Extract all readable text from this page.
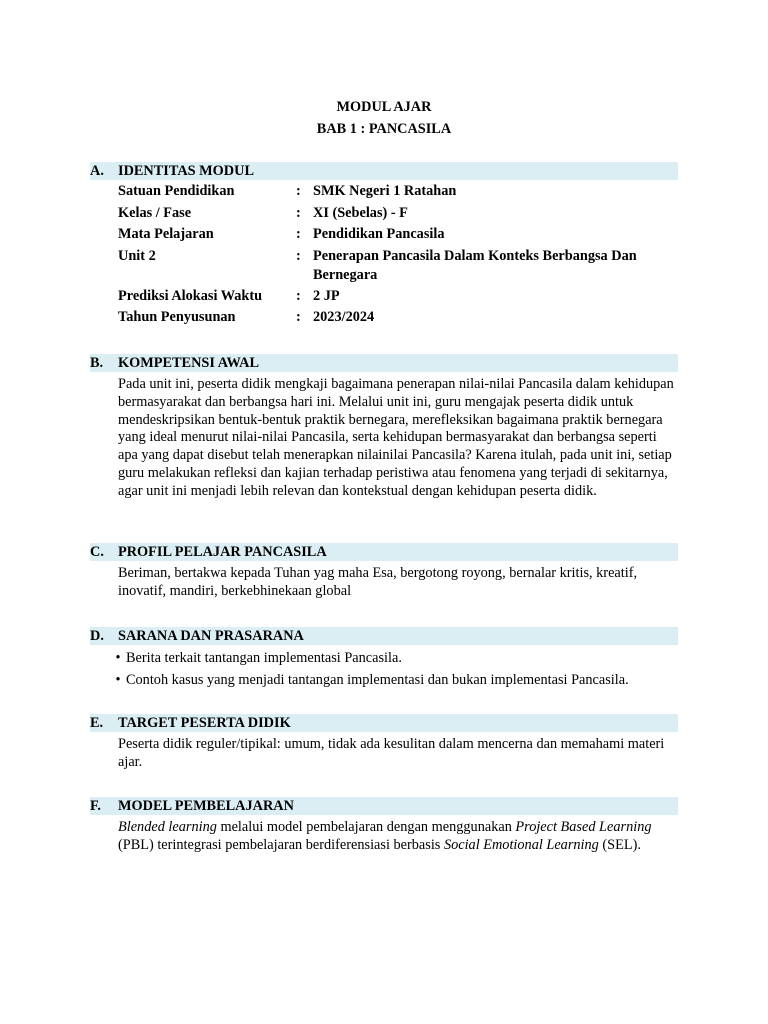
MODUL AJAR
BAB 1 : PANCASILA
A. IDENTITAS MODUL
Satuan Pendidikan	: SMK Negeri 1 Ratahan
Kelas / Fase	: XI (Sebelas) - F
Mata Pelajaran	: Pendidikan Pancasila
Unit 2	: Penerapan Pancasila Dalam Konteks Berbangsa Dan Bernegara
Prediksi Alokasi Waktu	: 2 JP
Tahun Penyusunan	: 2023/2024
B.	KOMPETENSI AWAL
Pada unit ini, peserta didik mengkaji bagaimana penerapan nilai-nilai Pancasila dalam kehidupan bermasyarakat dan berbangsa hari ini. Melalui unit ini, guru mengajak peserta didik untuk mendeskripsikan bentuk-bentuk praktik bernegara, merefleksikan bagaimana praktik bernegara yang ideal menurut nilai-nilai Pancasila, serta kehidupan bermasyarakat dan berbangsa seperti apa yang dapat disebut telah menerapkan nilainilai Pancasila? Karena itulah, pada unit ini, setiap guru melakukan refleksi dan kajian terhadap peristiwa atau fenomena yang terjadi di sekitarnya, agar unit ini menjadi lebih relevan dan kontekstual dengan kehidupan peserta didik.
C. PROFIL PELAJAR PANCASILA
Beriman, bertakwa kepada Tuhan yag maha Esa, bergotong royong, bernalar kritis, kreatif, inovatif, mandiri, berkebhinekaan global
D. SARANA DAN PRASARANA
• Berita terkait tantangan implementasi Pancasila.
• Contoh kasus yang menjadi tantangan implementasi dan bukan implementasi Pancasila.
E.	TARGET PESERTA DIDIK
Peserta didik reguler/tipikal: umum, tidak ada kesulitan dalam mencerna dan memahami materi ajar.
F.	MODEL PEMBELAJARAN
Blended learning melalui model pembelajaran dengan menggunakan Project Based Learning (PBL) terintegrasi pembelajaran berdiferensiasi berbasis Social Emotional Learning (SEL).
